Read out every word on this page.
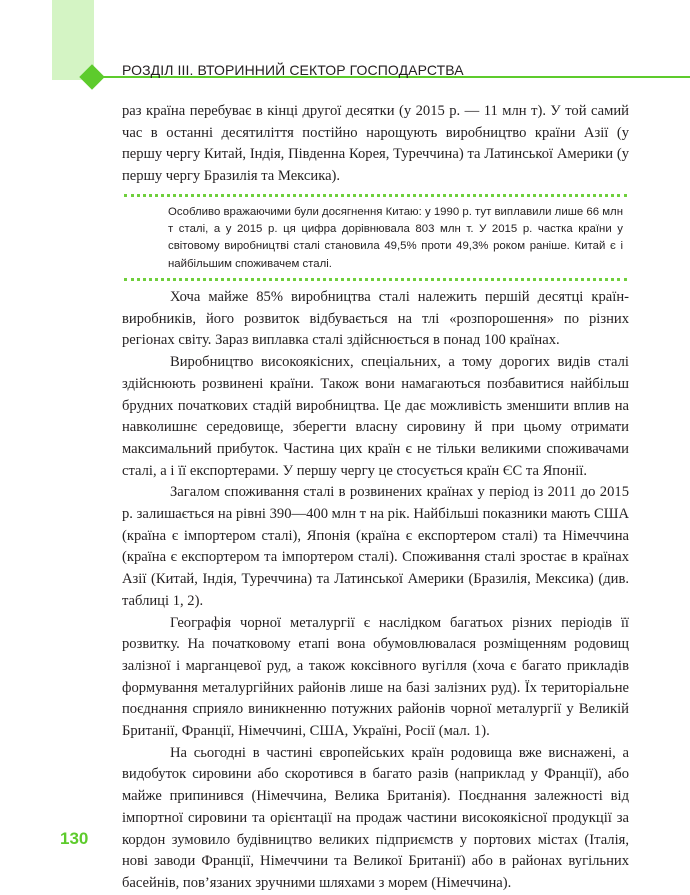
РОЗДІЛ ІІІ. ВТОРИННИЙ СЕКТОР ГОСПОДАРСТВА

раз країна перебуває в кінці другої десятки (у 2015 р. — 11 млн т). У той самий час в останні десятиліття постійно нарощують виробництво країни Азії (у першу чергу Китай, Індія, Південна Корея, Туреччина) та Латинської Америки (у першу чергу Бразилія та Мексика).

Особливо вражаючими були досягнення Китаю: у 1990 р. тут виплавили лише 66 млн т сталі, а у 2015 р. ця цифра дорівнювала 803 млн т. У 2015 р. частка країни у світовому виробництві сталі становила 49,5% проти 49,3% роком раніше. Китай є і найбільшим споживачем сталі.

Хоча майже 85% виробництва сталі належить першій десятці країн-виробників, його розвиток відбувається на тлі «розпорошення» по різних регіонах світу. Зараз виплавка сталі здійснюється в понад 100 країнах.

Виробництво високоякісних, спеціальних, а тому дорогих видів сталі здійснюють розвинені країни. Також вони намагаються позбавитися найбільш брудних початкових стадій виробництва. Це дає можливість зменшити вплив на навколишнє середовище, зберегти власну сировину й при цьому отримати максимальний прибуток. Частина цих країн є не тільки великими споживачами сталі, а і її експортерами. У першу чергу це стосується країн ЄС та Японії.

Загалом споживання сталі в розвинених країнах у період із 2011 до 2015 р. залишається на рівні 390—400 млн т на рік. Найбільші показники мають США (країна є імпортером сталі), Японія (країна є експортером сталі) та Німеччина (країна є експортером та імпортером сталі). Споживання сталі зростає в країнах Азії (Китай, Індія, Туреччина) та Латинської Америки (Бразилія, Мексика) (див. таблиці 1, 2).

Географія чорної металургії є наслідком багатьох різних періодів її розвитку. На початковому етапі вона обумовлювалася розміщенням родовищ залізної і марганцевої руд, а також коксівного вугілля (хоча є багато прикладів формування металургійних районів лише на базі залізних руд). Їх територіальне поєднання сприяло виникненню потужних районів чорної металургії у Великій Британії, Франції, Німеччині, США, Україні, Росії (мал. 1).

На сьогодні в частині європейських країн родовища вже виснажені, а видобуток сировини або скоротився в багато разів (наприклад у Франції), або майже припинився (Німеччина, Велика Британія). Поєднання залежності від імпортної сировини та орієнтації на продаж частини високоякісної продукції за кордон зумовило будівництво великих підприємств у портових містах (Італія, нові заводи Франції, Німеччини та Великої Британії) або в районах вугільних басейнів, пов’язаних зручними шляхами з морем (Німеччина).

130
